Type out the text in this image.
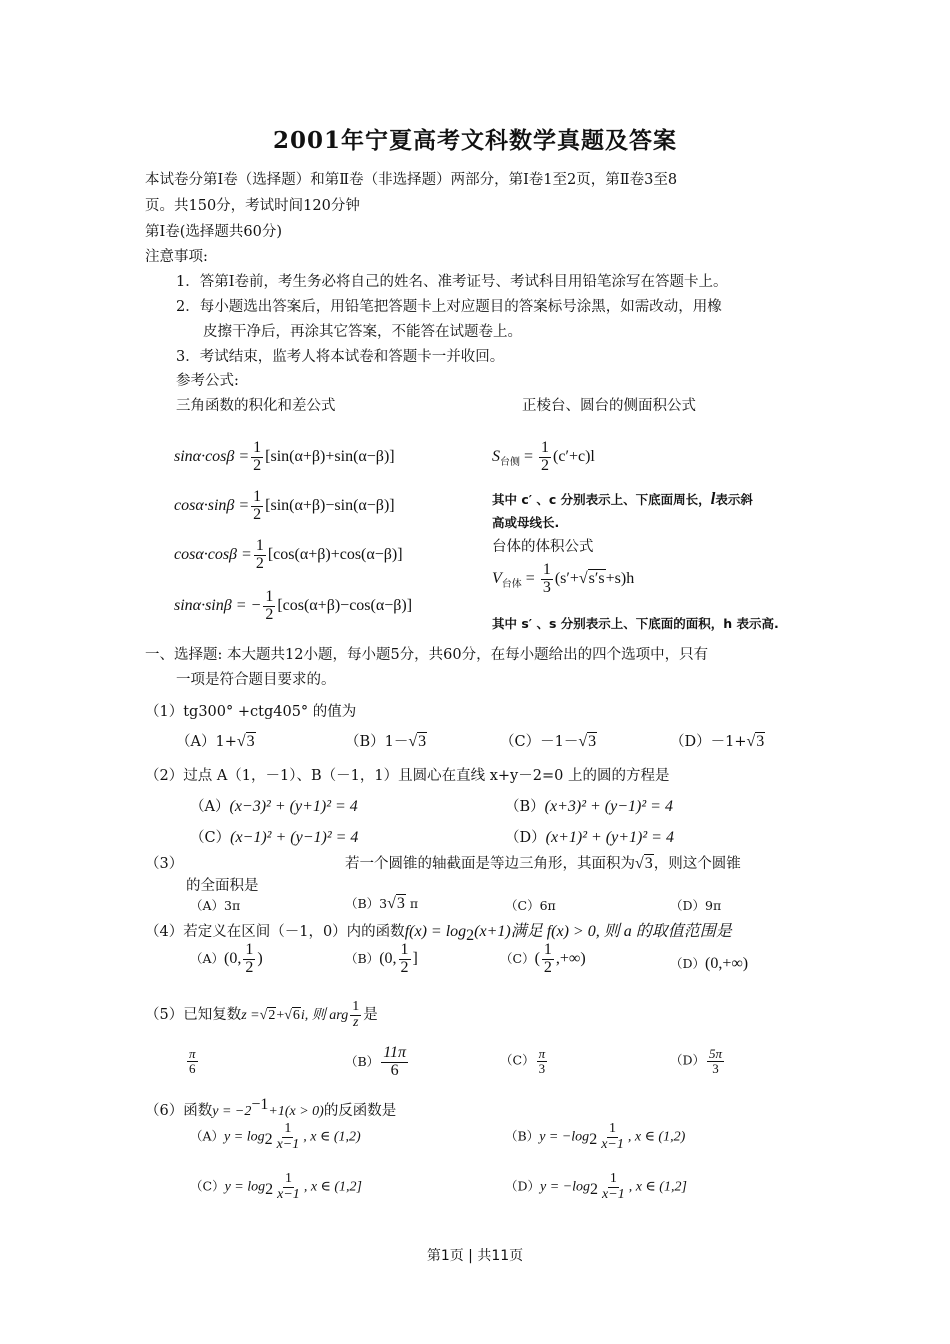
2001年宁夏高考文科数学真题及答案
本试卷分第Ⅰ卷（选择题）和第Ⅱ卷（非选择题）两部分，第Ⅰ卷1至2页，第Ⅱ卷3至8
页。共150分，考试时间120分钟
第Ⅰ卷(选择题共60分)
注意事项:
1．答第Ⅰ卷前，考生务必将自己的姓名、准考证号、考试科目用铅笔涂写在答题卡上。
2．每小题选出答案后，用铅笔把答题卡上对应题目的答案标号涂黑，如需改动，用橡
皮擦干净后，再涂其它答案，不能答在试题卷上。
3．考试结束，监考人将本试卷和答题卡一并收回。
参考公式:
三角函数的积化和差公式	正棱台、圆台的侧面积公式
$\sin\alpha\cdot\cos\beta = \frac{1}{2} [\sin(\alpha+\beta)+\sin(\alpha-\beta)]$
$\cos\alpha\cdot\sin\beta = \frac{1}{2} [\sin(\alpha+\beta)-\sin(\alpha-\beta)]$
$\cos\alpha\cdot\cos\beta = \frac{1}{2} [\cos(\alpha+\beta)+\cos(\alpha-\beta)]$
sinα·sinβ = − $\frac{1}{2} [\cos(\alpha+\beta)-\cos(\alpha-\beta)]$
$S_{台侧} = \frac{1}{2} (c'+c)l$
其中 c′ 、c 分别表示上、下底面周长，l表示斜
高或母线长.
台体的体积公式
$V_{台体} = \frac{1}{3} (s'+√s's+s)h$
其中 s′ 、s 分别表示上、下底面的面积，h 表示高.
一、选择题: 本大题共12小题，每小题5分，共60分，在每小题给出的四个选项中，只有
一项是符合题目要求的。
（1）tg300° +ctg405° 的值为
（A）1+√3	（B）1－√3	（C）－1－√3	（D）－1+√3
（2）过点 A（1，－1）、B（－1，1）且圆心在直线 x+y－2=0 上的圆的方程是
（A）(x−3)² + (y+1)² = 4	（B）(x+3)² + (y−1)² = 4
（C）(x−1)² + (y−1)² = 4	（D）(x+1)² + (y+1)² = 4
（3）	若一个圆锥的轴截面是等边三角形，其面积为√3，则这个圆锥
的全面积是
（A）3π	（B）3√3 π	（C）6π	（D）9π
（4）若定义在区间（－1，0）内的函数$f(x) = \log_2(x+1)$满足 f(x) > 0, 则 a 的取值范围是
（A）(0, $\frac{1}{2}$ )	（B）(0, $\frac{1}{2}$ ]	$(C)( \frac{1}{2}$ ,+∞)	（D）(0,+∞)
（5）已知复数z =√2+√6i, 则 arg $\frac{1}{z}$ 是
$\frac{\pi}{6}$	$(B) \frac{11\pi}{6}$	$(C) \frac{\pi}{3}$	$(D) \frac{5\pi}{3}$
（6）函数$y = -2^{-1}+1(x > 0)$的反函数是
$(A)y = \log_2 \frac{1}{x-1}$ , x ∈ (1,2)	$(B)y = -\log_2 \frac{1}{x-1}$ , x ∈ (1,2)
$(C)y = \log_2 \frac{1}{x-1}$ , x ∈ (1,2]	$(D)y = -\log_2 \frac{1}{x-1}$ , x ∈ (1,2]
第1页 | 共11页
